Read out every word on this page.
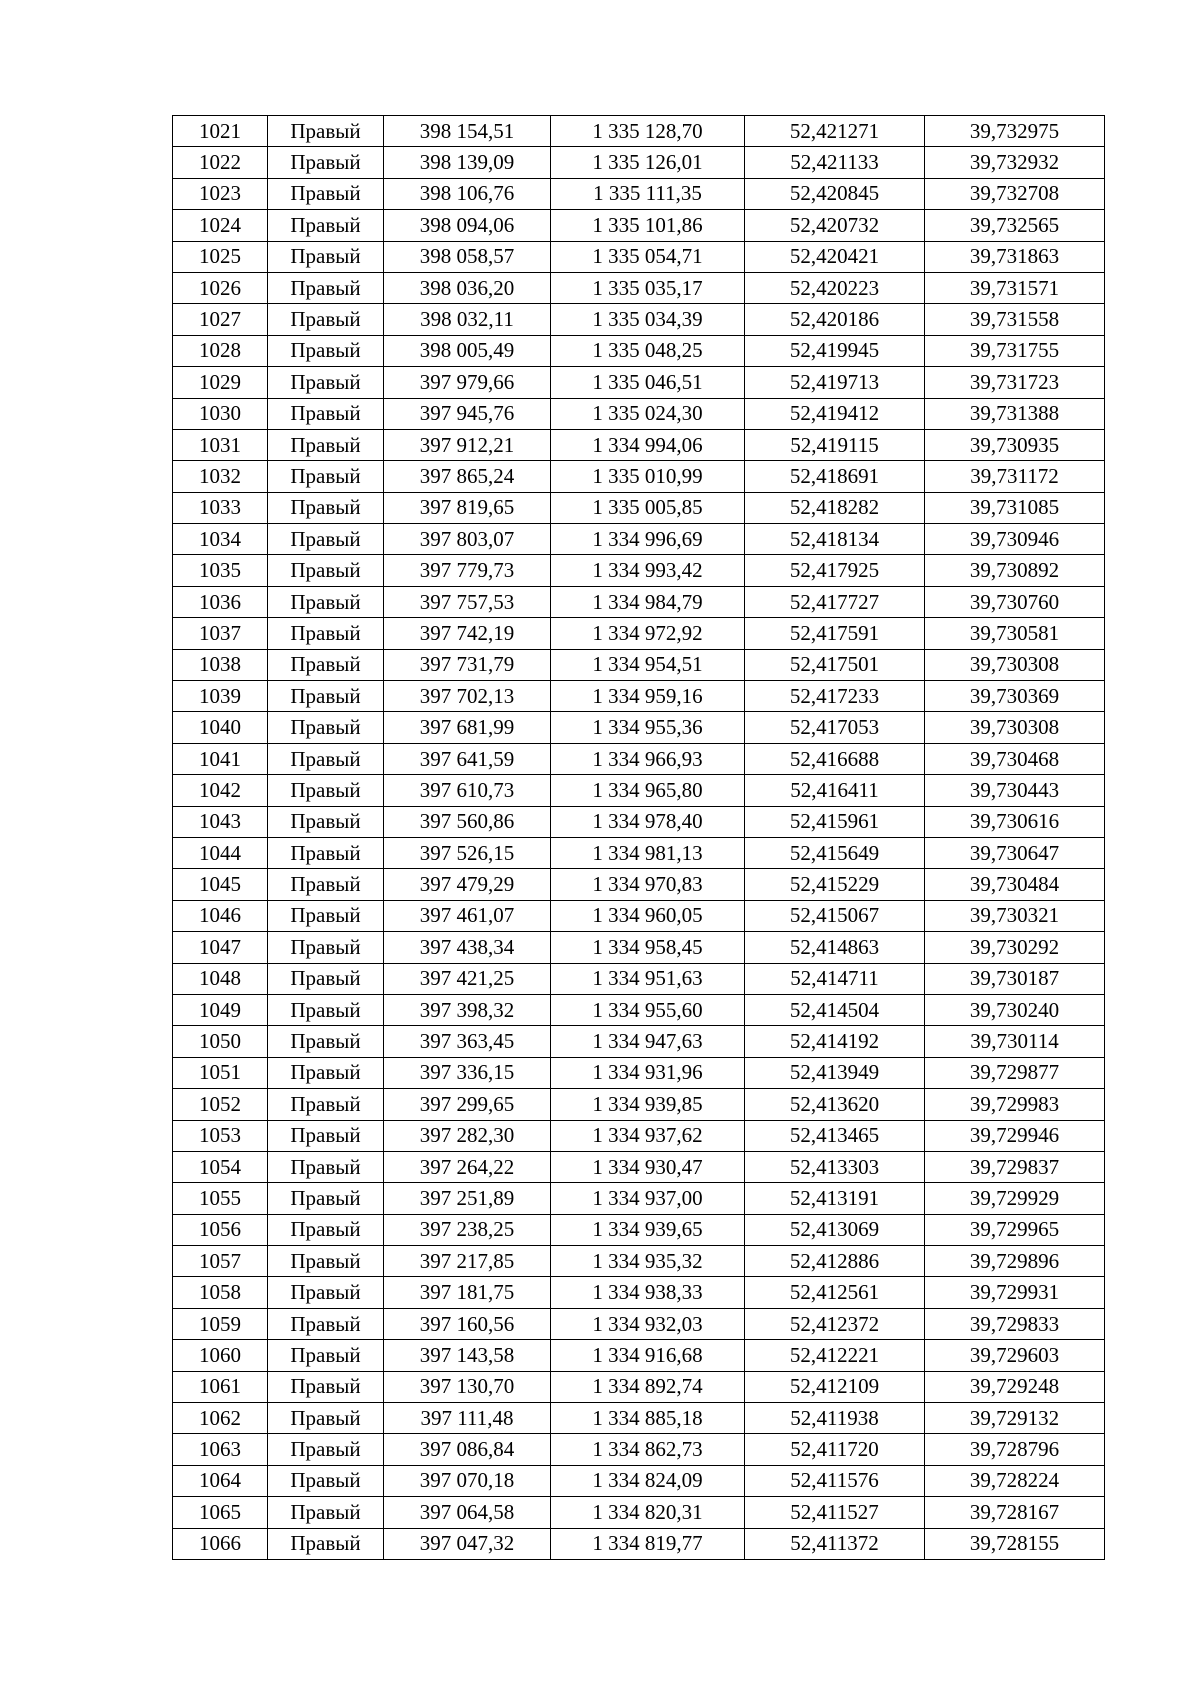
1021	Правый	398 154,51	1 335 128,70	52,421271	39,732975
1022	Правый	398 139,09	1 335 126,01	52,421133	39,732932
1023	Правый	398 106,76	1 335 111,35	52,420845	39,732708
1024	Правый	398 094,06	1 335 101,86	52,420732	39,732565
1025	Правый	398 058,57	1 335 054,71	52,420421	39,731863
1026	Правый	398 036,20	1 335 035,17	52,420223	39,731571
1027	Правый	398 032,11	1 335 034,39	52,420186	39,731558
1028	Правый	398 005,49	1 335 048,25	52,419945	39,731755
1029	Правый	397 979,66	1 335 046,51	52,419713	39,731723
1030	Правый	397 945,76	1 335 024,30	52,419412	39,731388
1031	Правый	397 912,21	1 334 994,06	52,419115	39,730935
1032	Правый	397 865,24	1 335 010,99	52,418691	39,731172
1033	Правый	397 819,65	1 335 005,85	52,418282	39,731085
1034	Правый	397 803,07	1 334 996,69	52,418134	39,730946
1035	Правый	397 779,73	1 334 993,42	52,417925	39,730892
1036	Правый	397 757,53	1 334 984,79	52,417727	39,730760
1037	Правый	397 742,19	1 334 972,92	52,417591	39,730581
1038	Правый	397 731,79	1 334 954,51	52,417501	39,730308
1039	Правый	397 702,13	1 334 959,16	52,417233	39,730369
1040	Правый	397 681,99	1 334 955,36	52,417053	39,730308
1041	Правый	397 641,59	1 334 966,93	52,416688	39,730468
1042	Правый	397 610,73	1 334 965,80	52,416411	39,730443
1043	Правый	397 560,86	1 334 978,40	52,415961	39,730616
1044	Правый	397 526,15	1 334 981,13	52,415649	39,730647
1045	Правый	397 479,29	1 334 970,83	52,415229	39,730484
1046	Правый	397 461,07	1 334 960,05	52,415067	39,730321
1047	Правый	397 438,34	1 334 958,45	52,414863	39,730292
1048	Правый	397 421,25	1 334 951,63	52,414711	39,730187
1049	Правый	397 398,32	1 334 955,60	52,414504	39,730240
1050	Правый	397 363,45	1 334 947,63	52,414192	39,730114
1051	Правый	397 336,15	1 334 931,96	52,413949	39,729877
1052	Правый	397 299,65	1 334 939,85	52,413620	39,729983
1053	Правый	397 282,30	1 334 937,62	52,413465	39,729946
1054	Правый	397 264,22	1 334 930,47	52,413303	39,729837
1055	Правый	397 251,89	1 334 937,00	52,413191	39,729929
1056	Правый	397 238,25	1 334 939,65	52,413069	39,729965
1057	Правый	397 217,85	1 334 935,32	52,412886	39,729896
1058	Правый	397 181,75	1 334 938,33	52,412561	39,729931
1059	Правый	397 160,56	1 334 932,03	52,412372	39,729833
1060	Правый	397 143,58	1 334 916,68	52,412221	39,729603
1061	Правый	397 130,70	1 334 892,74	52,412109	39,729248
1062	Правый	397 111,48	1 334 885,18	52,411938	39,729132
1063	Правый	397 086,84	1 334 862,73	52,411720	39,728796
1064	Правый	397 070,18	1 334 824,09	52,411576	39,728224
1065	Правый	397 064,58	1 334 820,31	52,411527	39,728167
1066	Правый	397 047,32	1 334 819,77	52,411372	39,728155
